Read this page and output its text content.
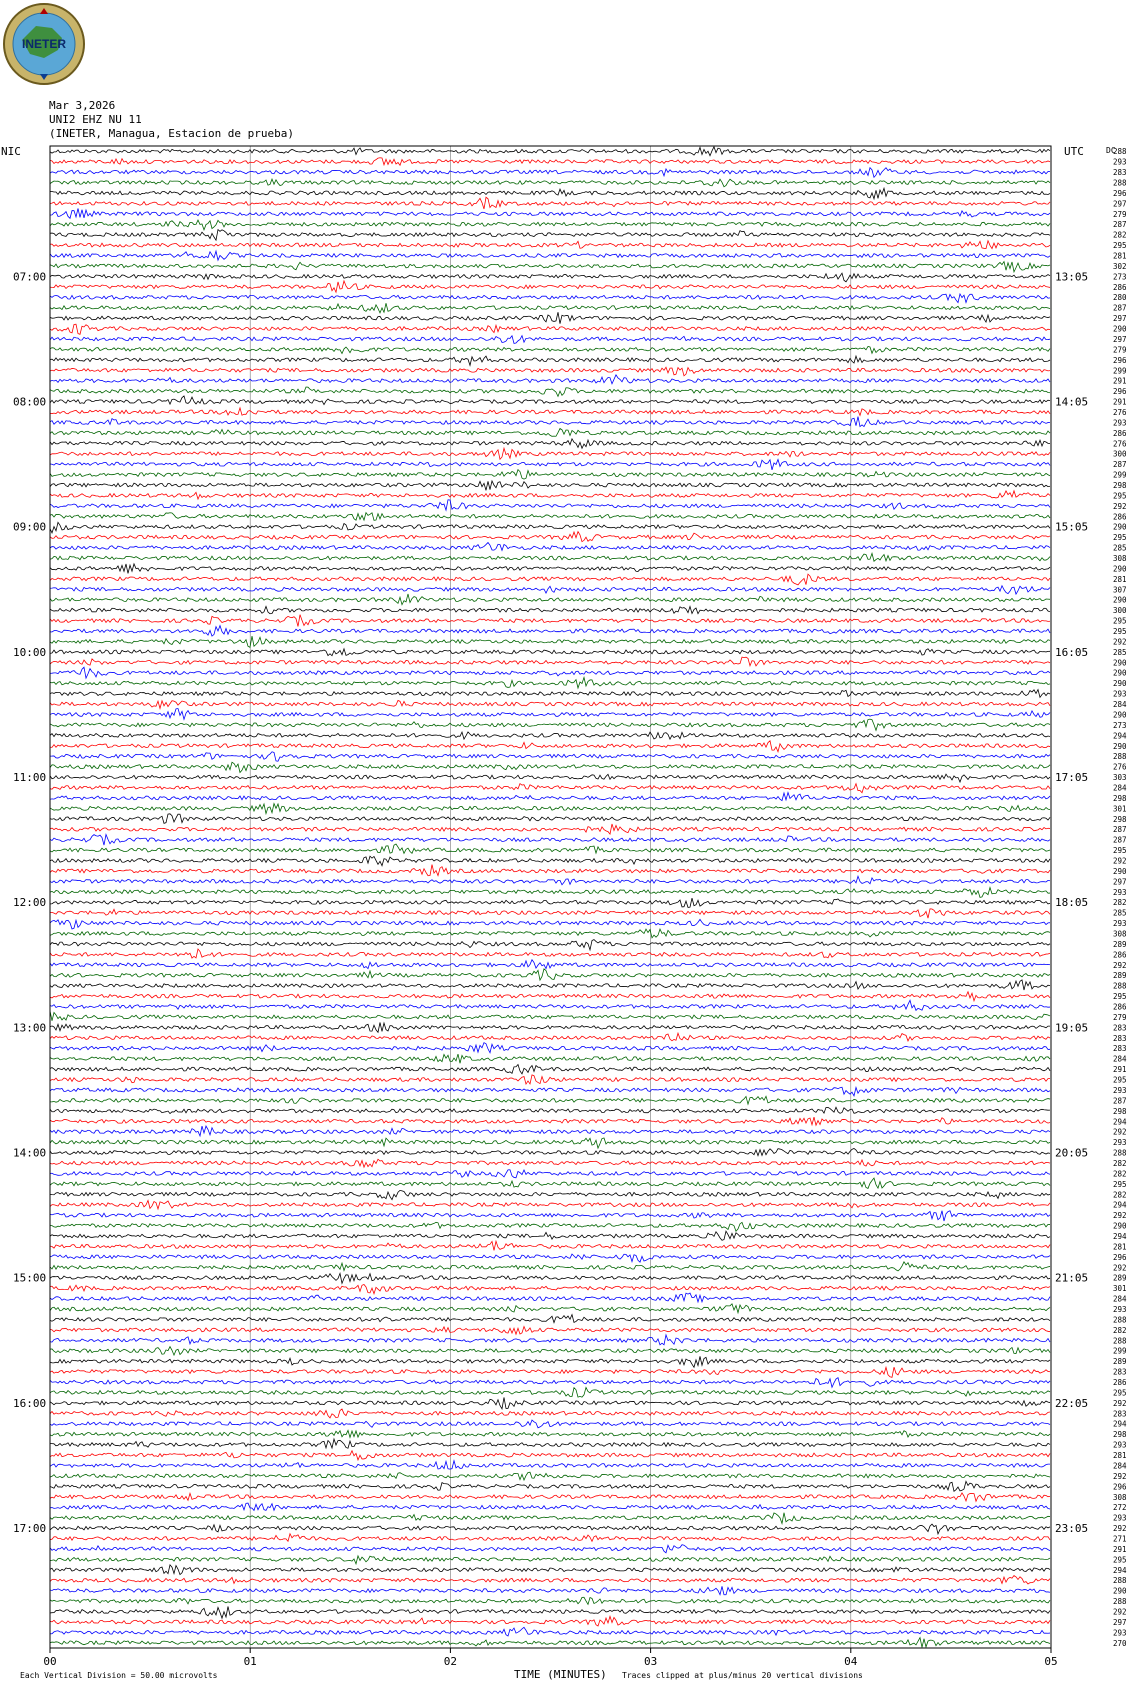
INETER
Mar 3,2026
UNI2 EHZ NU 11
(INETER, Managua, Estacion de prueba)
00	01	02	03	04	05
288
293
283
288
296
297
279
287
282
295
281
302
273
286
280
287
297
290
297
279
296
299
291
296
291
276
293
286
276
300
287
299
298
295
292
286
290
295
285
308
290
281
307
290
300
295
295
292
285
290
290
290
293
284
290
273
294
290
288
276
303
284
298
301
298
287
287
295
292
290
297
293
282
285
293
308
289
286
292
289
288
295
286
279
283
283
283
284
291
295
293
287
298
294
292
293
288
282
282
295
282
294
292
290
294
281
296
292
289
301
284
293
288
282
288
299
289
283
286
295
292
283
294
298
293
281
284
292
296
308
272
293
292
271
291
295
294
288
290
288
292
297
293
270
07:00	13:05
08:00	14:05
09:00	15:05
10:00	16:05
11:00	17:05
12:00	18:05
13:00	19:05
14:00	20:05
15:00	21:05
16:00	22:05
17:00	23:05
NIC	UTC	DC
TIME (MINUTES)
Each Vertical Division = 50.00 microvolts	Traces clipped at plus/minus 20 vertical divisions
